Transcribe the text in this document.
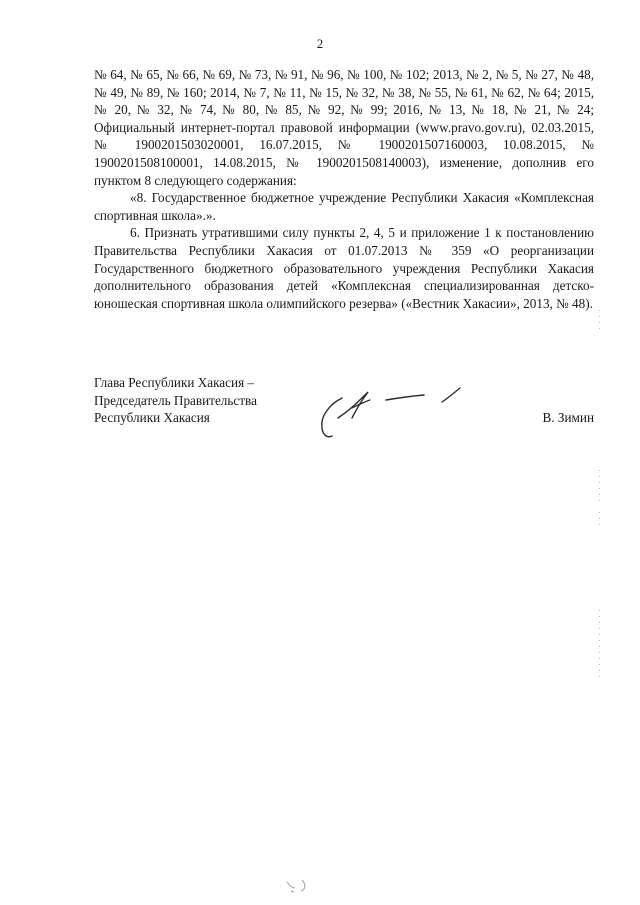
2

№ 64, № 65, № 66, № 69, № 73, № 91, № 96, № 100, № 102; 2013, № 2, № 5, № 27, № 48, № 49, № 89, № 160; 2014, № 7, № 11, № 15, № 32, № 38, № 55, № 61, № 62, № 64; 2015, № 20, № 32, № 74, № 80, № 85, № 92, № 99; 2016, № 13, № 18, № 21, № 24; Официальный интернет-портал правовой информации (www.pravo.gov.ru), 02.03.2015, № 1900201503020001, 16.07.2015, № 1900201507160003, 10.08.2015, № 1900201508100001, 14.08.2015, № 1900201508140003), изменение, дополнив его пунктом 8 следующего содержания:

«8. Государственное бюджетное учреждение Республики Хакасия «Комплексная спортивная школа».».

6. Признать утратившими силу пункты 2, 4, 5 и приложение 1 к постановлению Правительства Республики Хакасия от 01.07.2013 № 359 «О реорганизации Государственного бюджетного образовательного учреждения Республики Хакасия дополнительного образования детей «Комплексная специализированная детско-юношеская спортивная школа олимпийского резерва» («Вестник Хакасии», 2013, № 48).

Глава Республики Хакасия –
Председатель Правительства
Республики Хакасия	В. Зимин
